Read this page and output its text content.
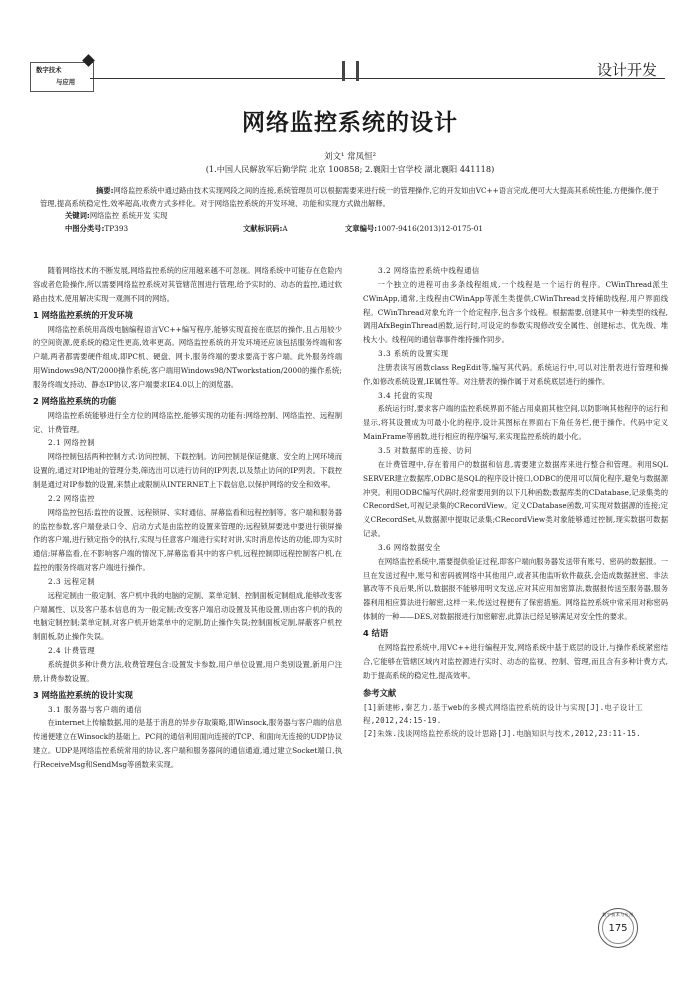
数字技术
与应用
设计开发
网络监控系统的设计
刘文¹ 常凤恒²
(1.中国人民解放军后勤学院 北京 100858; 2.襄阳士官学校 湖北襄阳 441118)

摘要:网络监控系统中通过路由技术实现网段之间的连接,系统管理员可以根据需要来进行统一的管理操作,它的开发如由VC++语言完成,便可大大提高其系统性能,方便操作,便于管理,提高系统稳定性,效率超高,收费方式多样化。对于网络监控系统的开发环境、功能和实现方式做出解释。

关键词:网络监控 系统开发 实现
中图分类号: TP393	文献标识码: A	文章编号: 1007-9416(2013)12-0175-01

随着网络技术的不断发展,网络监控系统的应用越来越不可忽视。网络系统中可能存在危险内容或者危险操作,所以需要网络监控系统对其管辖范围进行管理,给予实时的、动态的监控,通过软路由技术,使用解决实现一观测不同的网络。

1 网络监控系统的开发环境

网络监控系统用高级电脑编程语言VC++编写程序,能够实现直接在底层的操作,且占用较少的空间资源,使系统的稳定性更高,效率更高。网络监控系统的开发环境还应该包括服务终端和客户端,两者都需要硬件组成,即PC机、硬盘、网卡,服务终端的要求要高于客户端。此外服务终端用Windows98/NT/2000操作系统,客户端用Windows98/NTworkstation/2000的操作系统;服务终端支持动、静态IP协议,客户端要求IE4.0以上的浏览器。

2 网络监控系统的功能

网络监控系统能够进行全方位的网络监控,能够实现的功能有:网络控制、网络监控、远程制定、计费管理。

2.1 网络控制

网络控制包括两种控制方式:访问控制、下载控制。访问控制是保证健康、安全的上网环境而设置的,通过对IP地址的管理分类,筛选出可以进行访问的IP列表,以及禁止访问的IP列表。下载控制是通过对IP参数的设置,来禁止或限制从INTERNET上下载信息,以保护网络的安全和效率。

2.2 网络监控

网络监控包括:监控的设置、远程锁屏、实时通信、屏幕监看和远程控制等。客户端和服务器的监控参数,客户端登录口令、启动方式是由监控的设置来管理的;远程锁屏要选中要进行锁屏操作的客户端,进行锁定指令的执行,实现与任意客户端进行实时对讲,实时消息传达的功能,即为实时通信;屏幕监看,在不影响客户端的情况下,屏幕监看其中的客户机,远程控制即远程控制客户机,在监控的服务终端对客户端进行操作。

2.3 远程定制

远程定制由一般定制、客户机中我的电脑的定制、菜单定制、控制面板定制组成,能够改变客户端属性、以及客户基本信息的为一般定制;改变客户端启动设置及其他设置,则由客户机的我的电脑定制控制;菜单定制,对客户机开始菜单中的定制,防止操作失误;控制面板定制,屏蔽客户机控制面板,防止操作失误。

2.4 计费管理

系统提供多种计费方法,收费管理包含:设置发卡参数,用户单位设置,用户类别设置,新用户注册,计费参数设置。

3 网络监控系统的设计实现
3.1 服务器与客户端的通信

在internet上传输数据,用的是基于消息的异步存取策略,即Winsock,服务器与客户端的信息传递便建立在Winsock的基础上。PC间的通信利用面向连接的TCP、和面向无连接的UDP协议建立。UDP是网络监控系统常用的协议,客户端和服务器间的通信通道,通过建立Socket端口,执行ReceiveMsg和SendMsg等函数来实现。

3.2 网络监控系统中线程通信

一个独立的进程可由多条线程组成,一个线程是一个运行的程序。CWinThread派生CWinApp,通常,主线程由CWinApp等派生类提供,CWinThread支持辅助线程,用户界面线程。CWinThread对象允许一个给定程序,包含多个线程。根据需要,创建其中一种类型的线程,调用AfxBeginThread函数,运行时,可设定的参数实现修改安全属性、创建标志、优先级、堆栈大小。线程间的通信靠事件维持操作同步。

3.3 系统的设置实现

注册表读写函数class RegEdit等,编写其代码。系统运行中,可以对注册表进行管理和操作,如修改系统设置,IE属性等。对注册表的操作属于对系统底层进行的操作。

3.4 托盘的实现

系统运行时,要求客户端的监控系统界面不能占用桌面其他空间,以防影响其他程序的运行和显示,将其设置成为可最小化的程序,设计其图标在界面右下角任务栏,便于操作。代码中定义MainFrame等函数,进行相应的程序编写,来实现监控系统的最小化。

3.5 对数据库的连接、访问

在计费管理中,存在着用户的数据和信息,需要建立数据库来进行整合和管理。利用SQL SERVER建立数据库,ODBC是SQL的程序设计接口,ODBC的使用可以简化程序,避免与数据源冲突。利用ODBC编写代码时,经常要用到的以下几种函数;数据库类的CDatabase,记录集类的CRecordSet,可视记录集的CRecordView。定义CDatabase函数,可实现对数据源的连接;定义CRecordSet,从数据源中提取记录集;CRecordView类对象能够通过控制,现实数据可数据记录。

3.6 网络数据安全

在网络监控系统中,需要提供验证过程,即客户端向服务器发送带有账号、密码的数据报。一旦在发送过程中,账号和密码被网络中其他用户,或者其他监听软件截获,会造成数据泄密、非法篡改等不良后果,所以,数据报不能够用明文发送,应对其应用加密算法,数据报传送至服务器,服务器利用相应算法进行解密,这样一来,传送过程便有了保密措施。网络监控系统中常采用对称密码体制的一种——DES,对数据报进行加密解密,此算法已经足够满足对安全性的要求。

4 结语

在网络监控系统中,用VC++进行编程开发,网络系统中基于底层的设计,与操作系统紧密结合,它能够在管辖区域内对监控源进行实时、动态的监视、控制、管理,而且含有多种计费方式,助于提高系统的稳定性,提高效率。

参考文献

[1]新建彬,秦艺力.基于web的多模式网络监控系统的设计与实现[J].电子设计工程,2012,24:15-19.

[2]朱姝.浅谈网络监控系统的设计思路[J].电脑知识与技术,2012,23:11-15.

数字技术与应用
175
